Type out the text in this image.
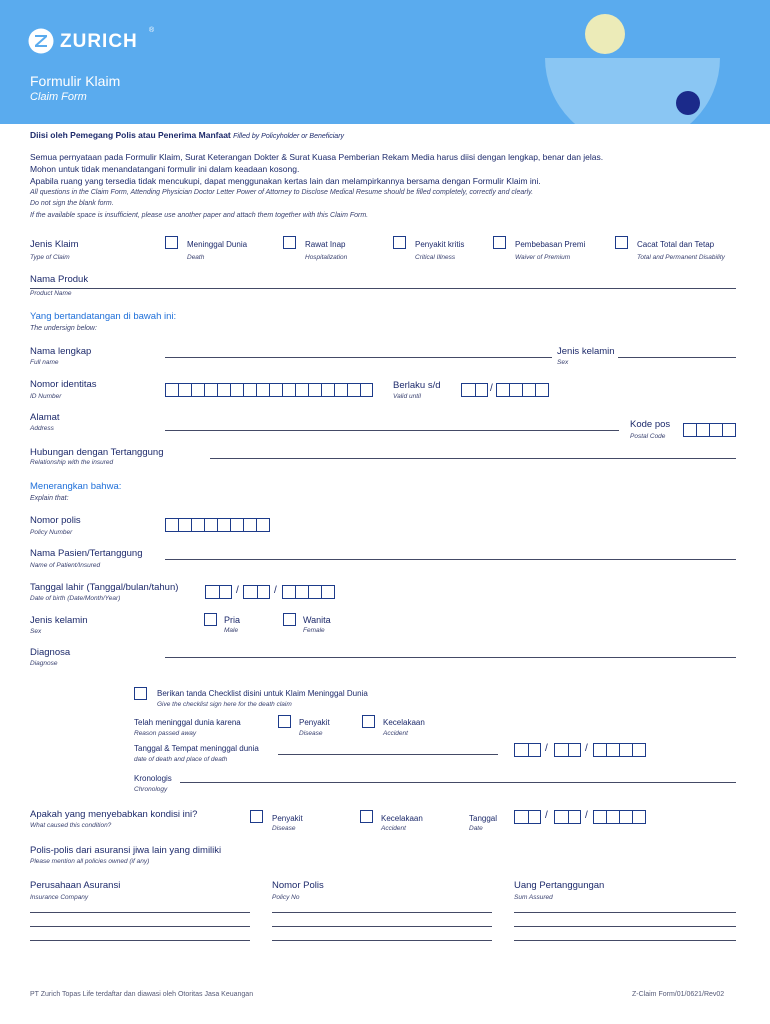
ZURICH
®
Formulir Klaim
Claim Form
Diisi oleh Pemegang Polis atau Penerima Manfaat Filled by Policyholder or Beneficiary
Semua pernyataan pada Formulir Klaim, Surat Keterangan Dokter & Surat Kuasa Pemberian Rekam Media harus diisi dengan lengkap, benar dan jelas.
Mohon untuk tidak menandatangani formulir ini dalam keadaan kosong.
Apabila ruang yang tersedia tidak mencukupi, dapat menggunakan kertas lain dan melampirkannya bersama dengan Formulir Klaim ini.
All questions in the Claim Form, Attending Physician Doctor Letter Power of Attorney to Disclose Medical Resume should be filled completely, correctly and clearly.
Do not sign the blank form.
If the available space is insufficient, please use another paper and attach them together with this Claim Form.
Jenis Klaim
Type of Claim
Meninggal Dunia
Death
Rawat Inap
Hospitalization
Penyakit kritis
Critical Illness
Pembebasan Premi
Waiver of Premium
Cacat Total dan Tetap
Total and Permanent Disability
Nama Produk
Product Name
Yang bertandatangan di bawah ini:
The undersign below:
Nama lengkap
Full name
Jenis kelamin
Sex
Nomor identitas
ID Number
Berlaku s/d
Valid until
/
Alamat
Address	Kode pos
Postal Code
Hubungan dengan Tertanggung
Relationship with the insured
Menerangkan bahwa:
Explain that:
Nomor polis
Policy Number
Nama Pasien/Tertanggung
Name of Patient/Insured
Tanggal lahir (Tanggal/bulan/tahun)
Date of birth (Date/Month/Year)
/	/
Jenis kelamin
Sex
Pria
Male
Wanita
Female
Diagnosa
Diagnose
Berikan tanda Checklist disini untuk Klaim Meninggal Dunia
Give the checklist sign here for the death claim
Telah meninggal dunia karena
Reason passed away
Penyakit
Disease
Kecelakaan
Accident
Tanggal & Tempat meninggal dunia
date of death and place of death
/	/
Kronologis
Chronology
Apakah yang menyebabkan kondisi ini?
What caused this condition?
Penyakit
Disease
Kecelakaan
Accident
Tanggal
Date
/	/
Polis-polis dari asuransi jiwa lain yang dimiliki
Please mention all policies owned (if any)
Perusahaan Asuransi
Insurance Company
Nomor Polis
Policy No
Uang Pertanggungan
Sum Assured
PT Zurich Topas Life terdaftar dan diawasi oleh Otoritas Jasa Keuangan	Z-Claim Form/01/0621/Rev02
